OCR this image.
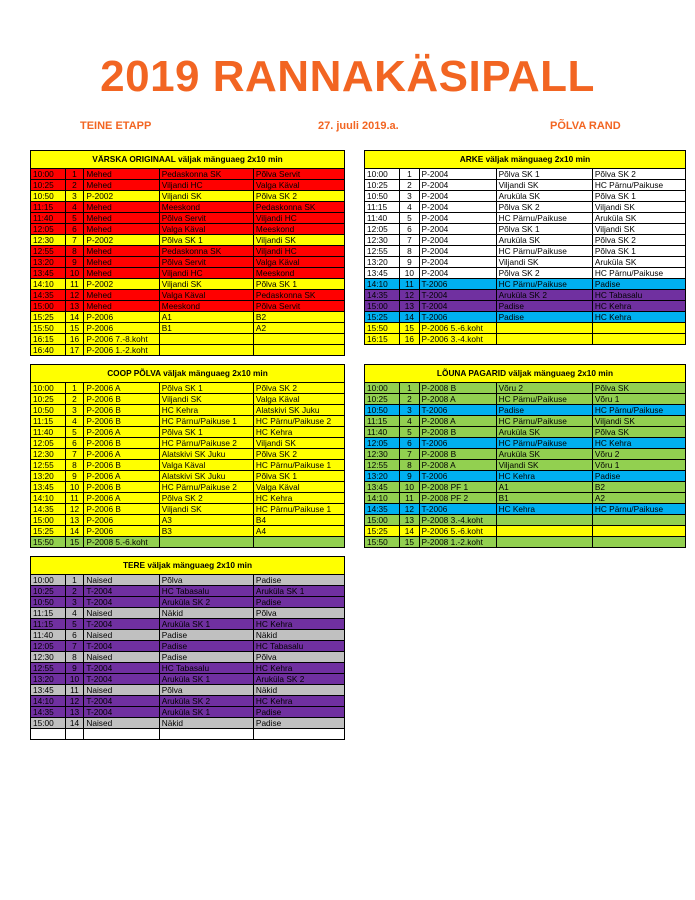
2019 RANNAKÄSIPALL
TEINE ETAPP	27. juuli 2019.a.	PÕLVA RAND
VÄRSKA ORIGINAAL väljak mänguaeg 2x10 min				
10:00	1	Mehed	Pedaskonna SK	Põlva Servit
10:25	2	Mehed	Viljandi HC	Valga Käval
10:50	3	P-2002	Viljandi SK	Põlva SK 2
11:15	4	Mehed	Meeskond	Pedaskonna SK
11:40	5	Mehed	Põlva Servit	Viljandi HC
12:05	6	Mehed	Valga Käval	Meeskond
12:30	7	P-2002	Põlva SK 1	Viljandi SK
12:55	8	Mehed	Pedaskonna SK	Viljandi HC
13:20	9	Mehed	Põlva Servit	Valga Käval
13:45	10	Mehed	Viljandi HC	Meeskond
14:10	11	P-2002	Viljandi SK	Põlva SK 1
14:35	12	Mehed	Valga Käval	Pedaskonna SK
15:00	13	Mehed	Meeskond	Põlva Servit
15:25	14	P-2006	A1	B2
15:50	15	P-2006	B1	A2
16:15	16	P-2006 7.-8.koht		
16:40	17	P-2006 1.-2.koht		
ARKE väljak mänguaeg 2x10 min				
10:00	1	P-2004	Põlva SK 1	Põlva SK 2
10:25	2	P-2004	Viljandi SK	HC Pärnu/Paikuse
10:50	3	P-2004	Aruküla SK	Põlva SK 1
11:15	4	P-2004	Põlva SK 2	Viljandi SK
11:40	5	P-2004	HC Pärnu/Paikuse	Aruküla SK
12:05	6	P-2004	Põlva SK 1	Viljandi SK
12:30	7	P-2004	Aruküla SK	Põlva SK 2
12:55	8	P-2004	HC Pärnu/Paikuse	Põlva SK 1
13:20	9	P-2004	Viljandi SK	Aruküla SK
13:45	10	P-2004	Põlva SK 2	HC Pärnu/Paikuse
14:10	11	T-2006	HC Pärnu/Paikuse	Padise
14:35	12	T-2004	Aruküla SK 2	HC Tabasalu
15:00	13	T-2004	Padise	HC Kehra
15:25	14	T-2006	Padise	HC Kehra
15:50	15	P-2006 5.-6.koht		
16:15	16	P-2006 3.-4.koht		
COOP PÕLVA väljak mänguaeg 2x10 min				
10:00	1	P-2006 A	Põlva SK 1	Põlva SK 2
10:25	2	P-2006 B	Viljandi SK	Valga Käval
10:50	3	P-2006 B	HC Kehra	Alatskivi SK Juku
11:15	4	P-2006 B	HC Pärnu/Paikuse 1	HC Pärnu/Paikuse 2
11:40	5	P-2006 A	Põlva SK 1	HC Kehra
12:05	6	P-2006 B	HC Pärnu/Paikuse 2	Viljandi SK
12:30	7	P-2006 A	Alatskivi SK Juku	Põlva SK 2
12:55	8	P-2006 B	Valga Käval	HC Pärnu/Paikuse 1
13:20	9	P-2006 A	Alatskivi SK Juku	Põlva SK 1
13:45	10	P-2006 B	HC Pärnu/Paikuse 2	Valga Käval
14:10	11	P-2006 A	Põlva SK 2	HC Kehra
14:35	12	P-2006 B	Viljandi SK	HC Pärnu/Paikuse 1
15:00	13	P-2006	A3	B4
15:25	14	P-2006	B3	A4
15:50	15	P-2008 5.-6.koht		
LÕUNA PAGARID väljak mänguaeg 2x10 min				
10:00	1	P-2008 B	Võru 2	Põlva SK
10:25	2	P-2008 A	HC Pärnu/Paikuse	Võru 1
10:50	3	T-2006	Padise	HC Pärnu/Paikuse
11:15	4	P-2008 A	HC Pärnu/Paikuse	Viljandi SK
11:40	5	P-2008 B	Aruküla SK	Põlva SK
12:05	6	T-2006	HC Pärnu/Paikuse	HC Kehra
12:30	7	P-2008 B	Aruküla SK	Võru 2
12:55	8	P-2008 A	Viljandi SK	Võru 1
13:20	9	T-2006	HC Kehra	Padise
13:45	10	P-2008 PF 1	A1	B2
14:10	11	P-2008 PF 2	B1	A2
14:35	12	T-2006	HC Kehra	HC Pärnu/Paikuse
15:00	13	P-2008 3.-4.koht		
15:25	14	P-2006 5.-6.koht		
15:50	15	P-2008 1.-2.koht		
TERE väljak mänguaeg 2x10 min				
10:00	1	Naised	Põlva	Padise
10:25	2	T-2004	HC Tabasalu	Aruküla SK 1
10:50	3	T-2004	Aruküla SK 2	Padise
11:15	4	Naised	Näkid	Põlva
11:15	5	T-2004	Aruküla SK 1	HC Kehra
11:40	6	Naised	Padise	Näkid
12:05	7	T-2004	Padise	HC Tabasalu
12:30	8	Naised	Padise	Põlva
12:55	9	T-2004	HC Tabasalu	HC Kehra
13:20	10	T-2004	Aruküla SK 1	Aruküla SK 2
13:45	11	Naised	Põlva	Näkid
14:10	12	T-2004	Aruküla SK 2	HC Kehra
14:35	13	T-2004	Aruküla SK 1	Padise
15:00	14	Naised	Näkid	Padise
